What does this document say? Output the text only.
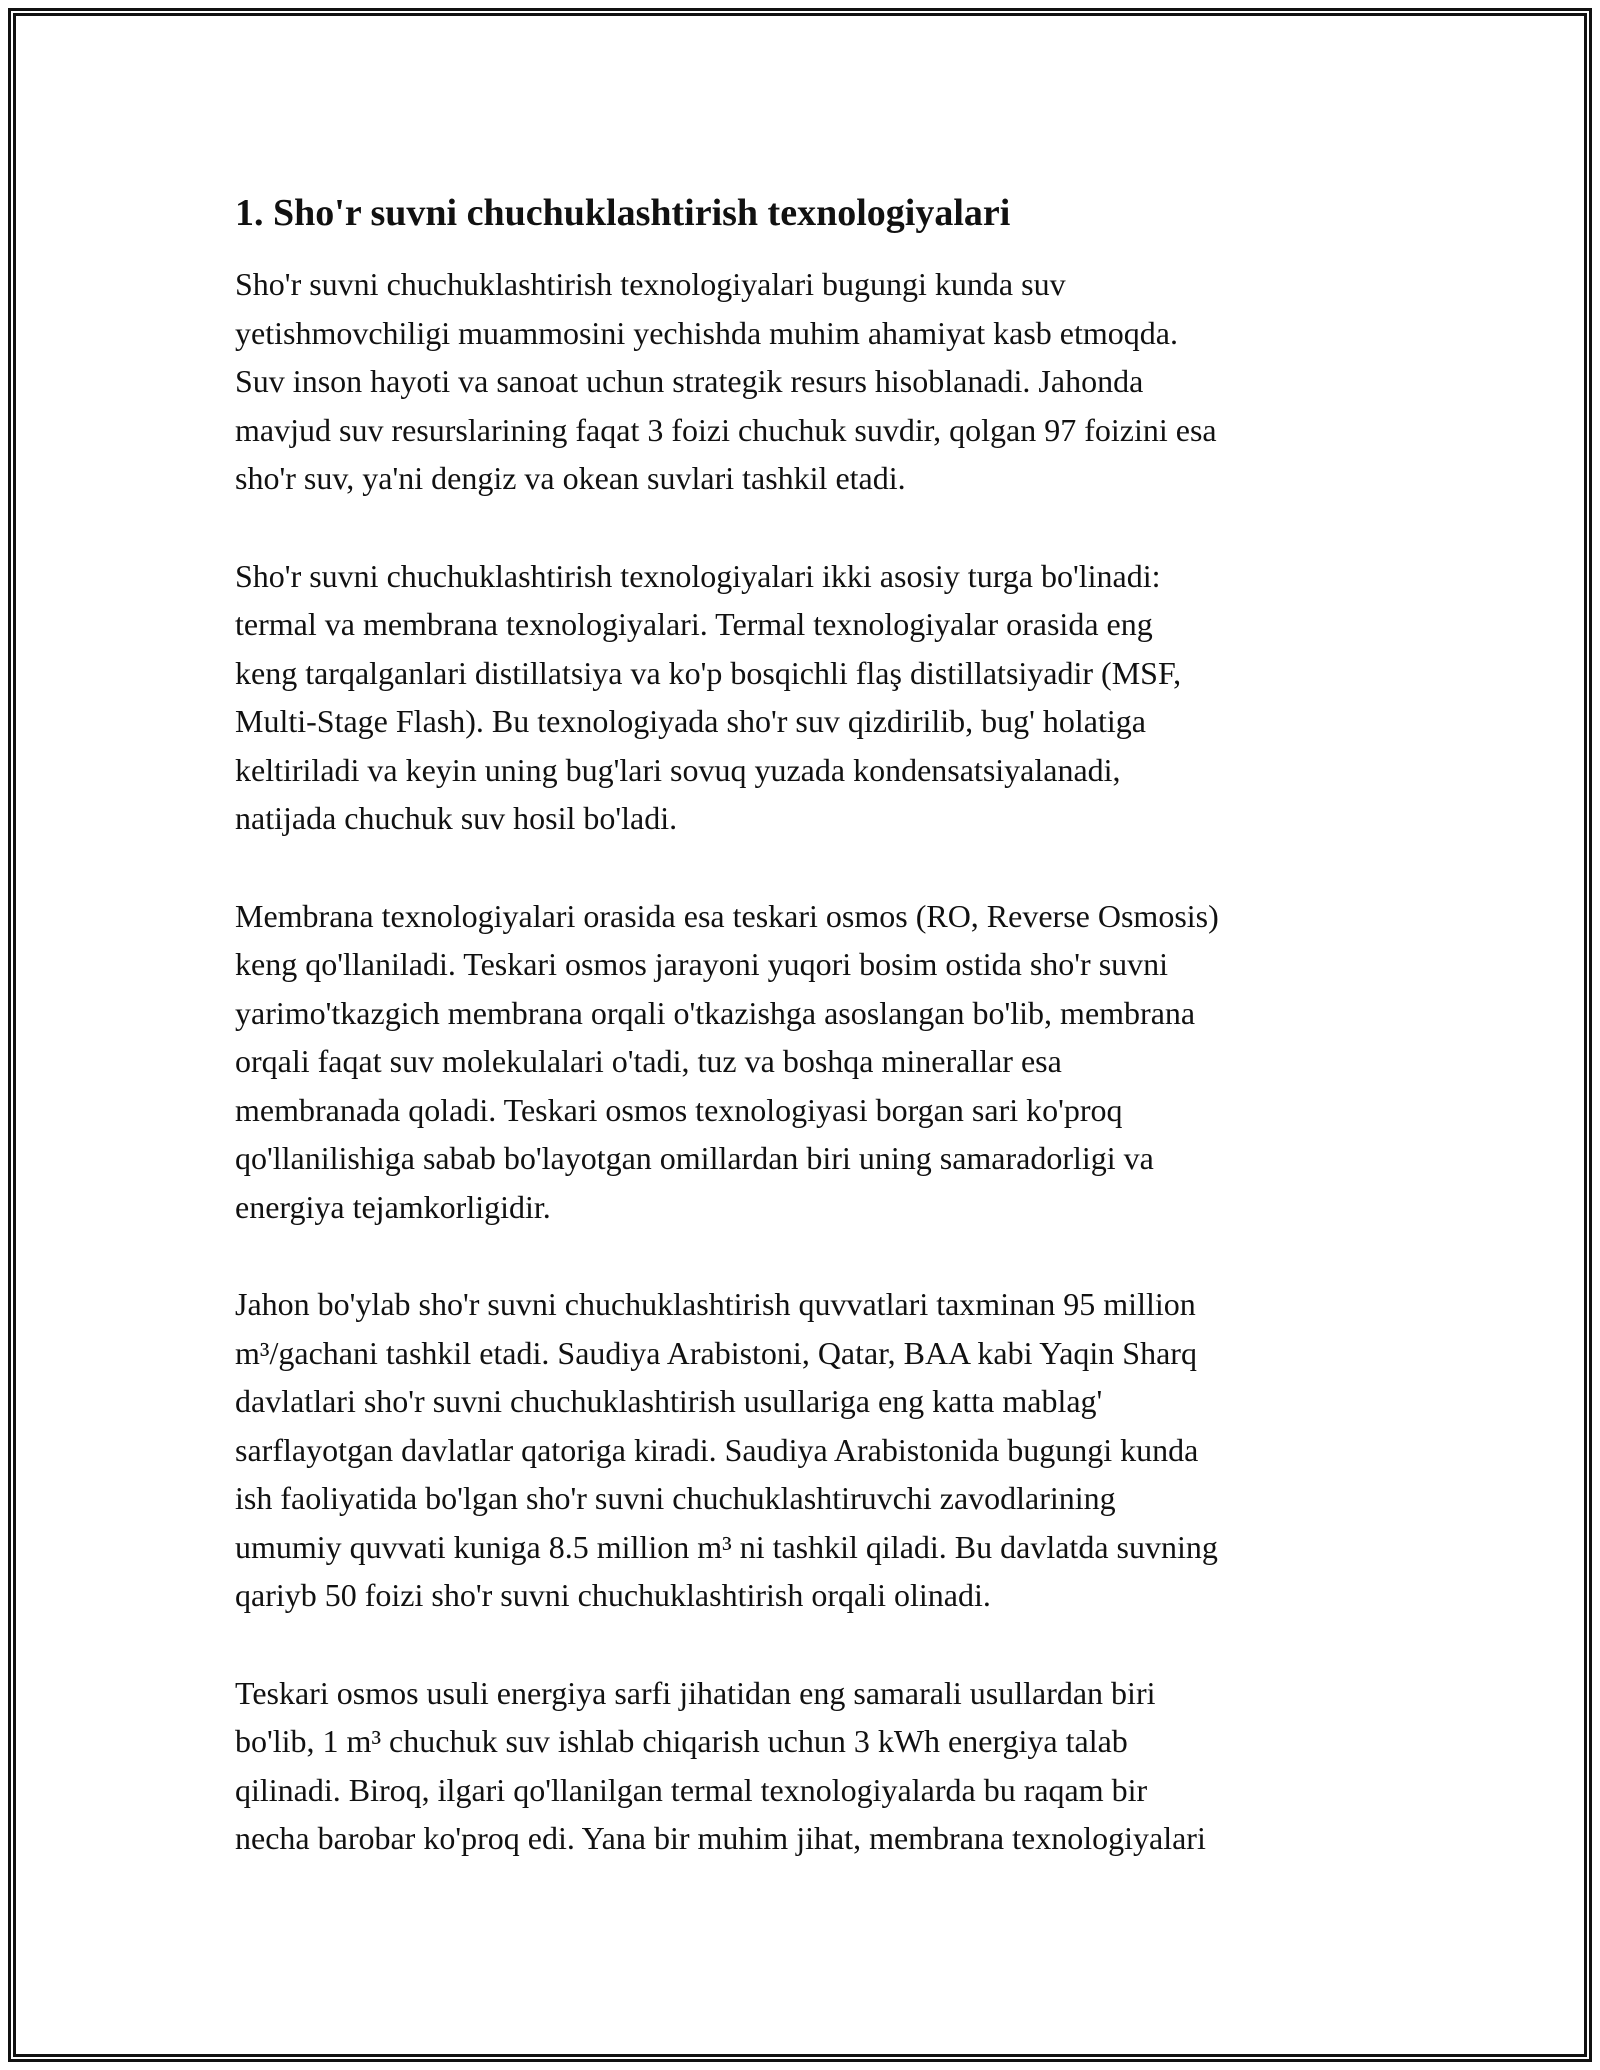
1. Sho'r suvni chuchuklashtirish texnologiyalari

Sho'r suvni chuchuklashtirish texnologiyalari bugungi kunda suv
yetishmovchiligi muammosini yechishda muhim ahamiyat kasb etmoqda.
Suv inson hayoti va sanoat uchun strategik resurs hisoblanadi. Jahonda
mavjud suv resurslarining faqat 3 foizi chuchuk suvdir, qolgan 97 foizini esa
sho'r suv, ya'ni dengiz va okean suvlari tashkil etadi.

Sho'r suvni chuchuklashtirish texnologiyalari ikki asosiy turga bo'linadi:
termal va membrana texnologiyalari. Termal texnologiyalar orasida eng
keng tarqalganlari distillatsiya va ko'p bosqichli flaş distillatsiyadir (MSF,
Multi-Stage Flash). Bu texnologiyada sho'r suv qizdirilib, bug' holatiga
keltiriladi va keyin uning bug'lari sovuq yuzada kondensatsiyalanadi,
natijada chuchuk suv hosil bo'ladi.

Membrana texnologiyalari orasida esa teskari osmos (RO, Reverse Osmosis)
keng qo'llaniladi. Teskari osmos jarayoni yuqori bosim ostida sho'r suvni
yarimo'tkazgich membrana orqali o'tkazishga asoslangan bo'lib, membrana
orqali faqat suv molekulalari o'tadi, tuz va boshqa minerallar esa
membranada qoladi. Teskari osmos texnologiyasi borgan sari ko'proq
qo'llanilishiga sabab bo'layotgan omillardan biri uning samaradorligi va
energiya tejamkorligidir.

Jahon bo'ylab sho'r suvni chuchuklashtirish quvvatlari taxminan 95 million
m³/gachani tashkil etadi. Saudiya Arabistoni, Qatar, BAA kabi Yaqin Sharq
davlatlari sho'r suvni chuchuklashtirish usullariga eng katta mablag'
sarflayotgan davlatlar qatoriga kiradi. Saudiya Arabistonida bugungi kunda
ish faoliyatida bo'lgan sho'r suvni chuchuklashtiruvchi zavodlarining
umumiy quvvati kuniga 8.5 million m³ ni tashkil qiladi. Bu davlatda suvning
qariyb 50 foizi sho'r suvni chuchuklashtirish orqali olinadi.

Teskari osmos usuli energiya sarfi jihatidan eng samarali usullardan biri
bo'lib, 1 m³ chuchuk suv ishlab chiqarish uchun 3 kWh energiya talab
qilinadi. Biroq, ilgari qo'llanilgan termal texnologiyalarda bu raqam bir
necha barobar ko'proq edi. Yana bir muhim jihat, membrana texnologiyalari
